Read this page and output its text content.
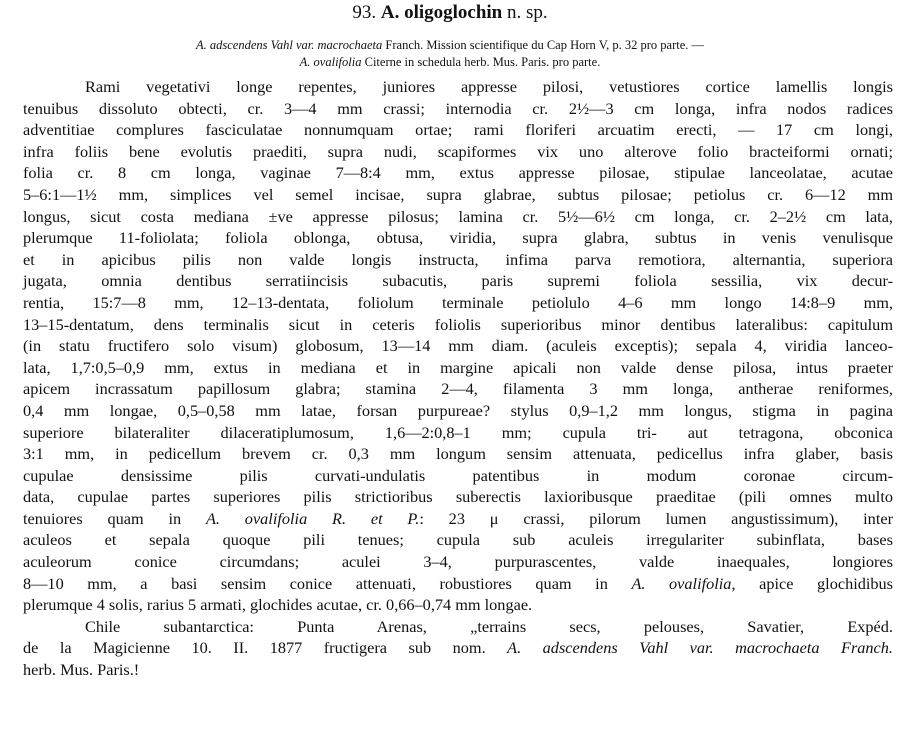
93. A. oligoglochin n. sp.
A. adscendens Vahl var. macrochaeta Franch. Mission scientifique du Cap Horn V, p. 32 pro parte. —
A. ovalifolia Citerne in schedula herb. Mus. Paris. pro parte.
Rami vegetativi longe repentes, juniores appresse pilosi, vetustiores cortice lamellis longis
tenuibus dissoluto obtecti, cr. 3—4 mm crassi; internodia cr. 2½—3 cm longa, infra nodos radices
adventitiae complures fasciculatae nonnumquam ortae; rami floriferi arcuatim erecti, — 17 cm longi,
infra foliis bene evolutis praediti, supra nudi, scapiformes vix uno alterove folio bracteiformi ornati;
folia cr. 8 cm longa, vaginae 7—8:4 mm, extus appresse pilosae, stipulae lanceolatae, acutae
5–6:1—1½ mm, simplices vel semel incisae, supra glabrae, subtus pilosae; petiolus cr. 6—12 mm
longus, sicut costa mediana ±ve appresse pilosus; lamina cr. 5½—6½ cm longa, cr. 2–2½ cm lata,
plerumque 11-foliolata; foliola oblonga, obtusa, viridia, supra glabra, subtus in venis venulisque
et in apicibus pilis non valde longis instructa, infima parva remotiora, alternantia, superiora
jugata, omnia dentibus serratiincisis subacutis, paris supremi foliola sessilia, vix decur-
rentia, 15:7—8 mm, 12–13-dentata, foliolum terminale petiolulo 4–6 mm longo 14:8–9 mm,
13–15-dentatum, dens terminalis sicut in ceteris foliolis superioribus minor dentibus lateralibus: capitulum
(in statu fructifero solo visum) globosum, 13—14 mm diam. (aculeis exceptis); sepala 4, viridia lanceo-
lata, 1,7:0,5–0,9 mm, extus in mediana et in margine apicali non valde dense pilosa, intus praeter
apicem incrassatum papillosum glabra; stamina 2—4, filamenta 3 mm longa, antherae reniformes,
0,4 mm longae, 0,5–0,58 mm latae, forsan purpureae? stylus 0,9–1,2 mm longus, stigma in pagina
superiore bilateraliter dilaceratiplumosum, 1,6—2:0,8–1 mm; cupula tri- aut tetragona, obconica
3:1 mm, in pedicellum brevem cr. 0,3 mm longum sensim attenuata, pedicellus infra glaber, basis
cupulae densissime pilis curvati-undulatis patentibus in modum coronae circum-
data, cupulae partes superiores pilis strictioribus suberectis laxioribusque praeditae (pili omnes multo
tenuiores quam in A. ovalifolia R. et P.: 23 μ crassi, pilorum lumen angustissimum), inter
aculeos et sepala quoque pili tenues; cupula sub aculeis irregulariter subinflata, bases
aculeorum conice circumdans; aculei 3–4, purpurascentes, valde inaequales, longiores
8—10 mm, a basi sensim conice attenuati, robustiores quam in A. ovalifolia, apice glochidibus
plerumque 4 solis, rarius 5 armati, glochides acutae, cr. 0,66–0,74 mm longae.
Chile subantarctica: Punta Arenas, „terrains secs, pelouses, Savatier, Expéd.
de la Magicienne 10. II. 1877 fructigera sub nom. A. adscendens Vahl var. macrochaeta Franch.
herb. Mus. Paris.!
